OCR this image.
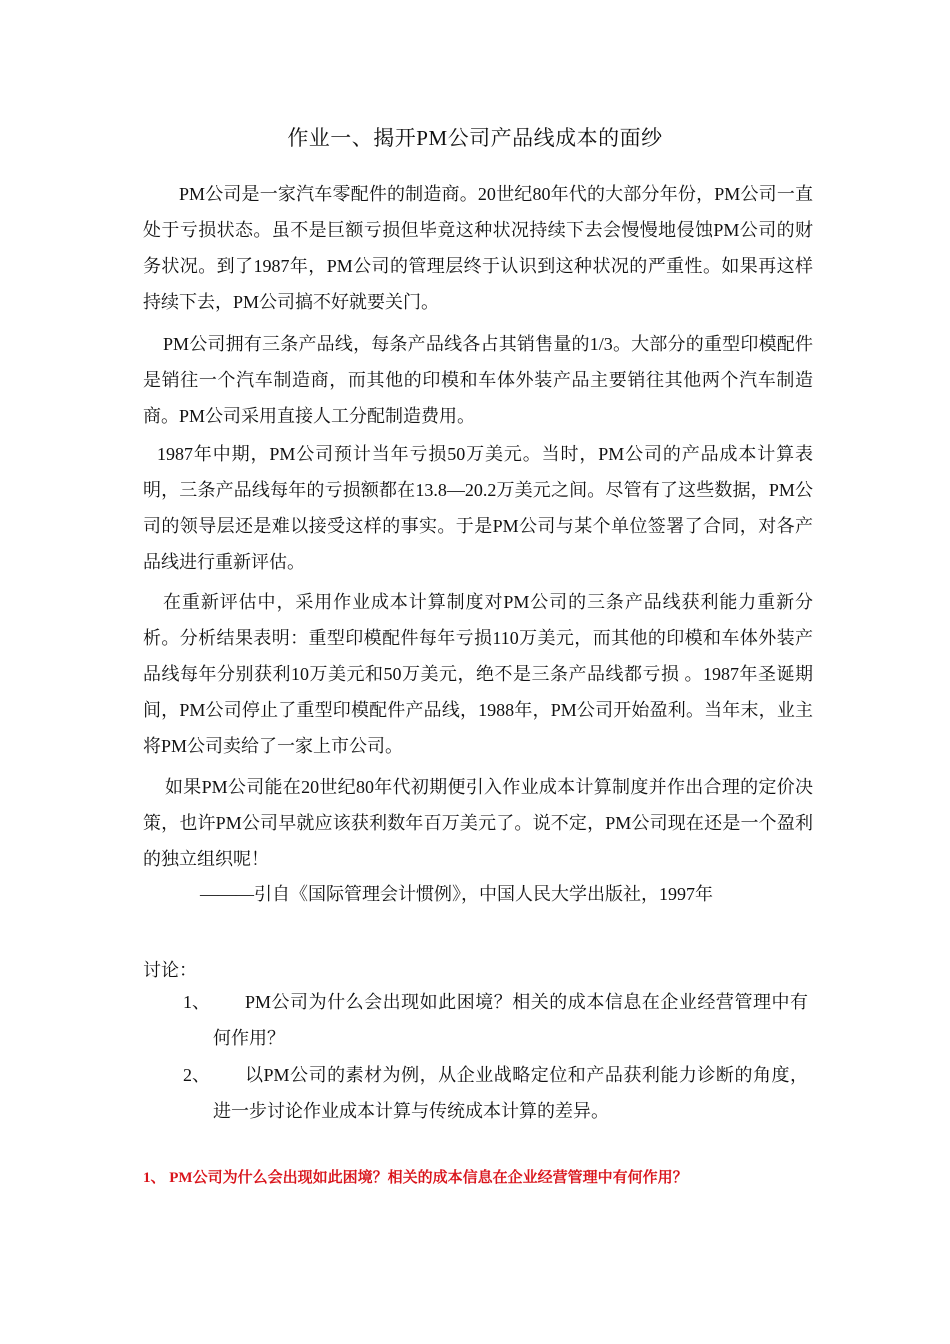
作业一、揭开PM公司产品线成本的面纱

PM公司是一家汽车零配件的制造商。20世纪80年代的大部分年份，PM公司一直处于亏损状态。虽不是巨额亏损但毕竟这种状况持续下去会慢慢地侵蚀PM公司的财务状况。到了1987年，PM公司的管理层终于认识到这种状况的严重性。如果再这样持续下去，PM公司搞不好就要关门。

PM公司拥有三条产品线，每条产品线各占其销售量的1/3。大部分的重型印模配件是销往一个汽车制造商，而其他的印模和车体外装产品主要销往其他两个汽车制造商。PM公司采用直接人工分配制造费用。

1987年中期，PM公司预计当年亏损50万美元。当时，PM公司的产品成本计算表明，三条产品线每年的亏损额都在13.8—20.2万美元之间。尽管有了这些数据，PM公司的领导层还是难以接受这样的事实。于是PM公司与某个单位签署了合同，对各产品线进行重新评估。

在重新评估中，采用作业成本计算制度对PM公司的三条产品线获利能力重新分析。分析结果表明：重型印模配件每年亏损110万美元，而其他的印模和车体外装产品线每年分别获利10万美元和50万美元，绝不是三条产品线都亏损 。1987年圣诞期间，PM公司停止了重型印模配件产品线，1988年，PM公司开始盈利。当年末，业主将PM公司卖给了一家上市公司。

如果PM公司能在20世纪80年代初期便引入作业成本计算制度并作出合理的定价决策，也许PM公司早就应该获利数年百万美元了。说不定，PM公司现在还是一个盈利的独立组织呢！

———引自《国际管理会计惯例》，中国人民大学出版社，1997年
讨论：
1、	PM公司为什么会出现如此困境？相关的成本信息在企业经营管理中有何作用？
2、	以PM公司的素材为例，从企业战略定位和产品获利能力诊断的角度，进一步讨论作业成本计算与传统成本计算的差异。
1、 PM公司为什么会出现如此困境？相关的成本信息在企业经营管理中有何作用？
